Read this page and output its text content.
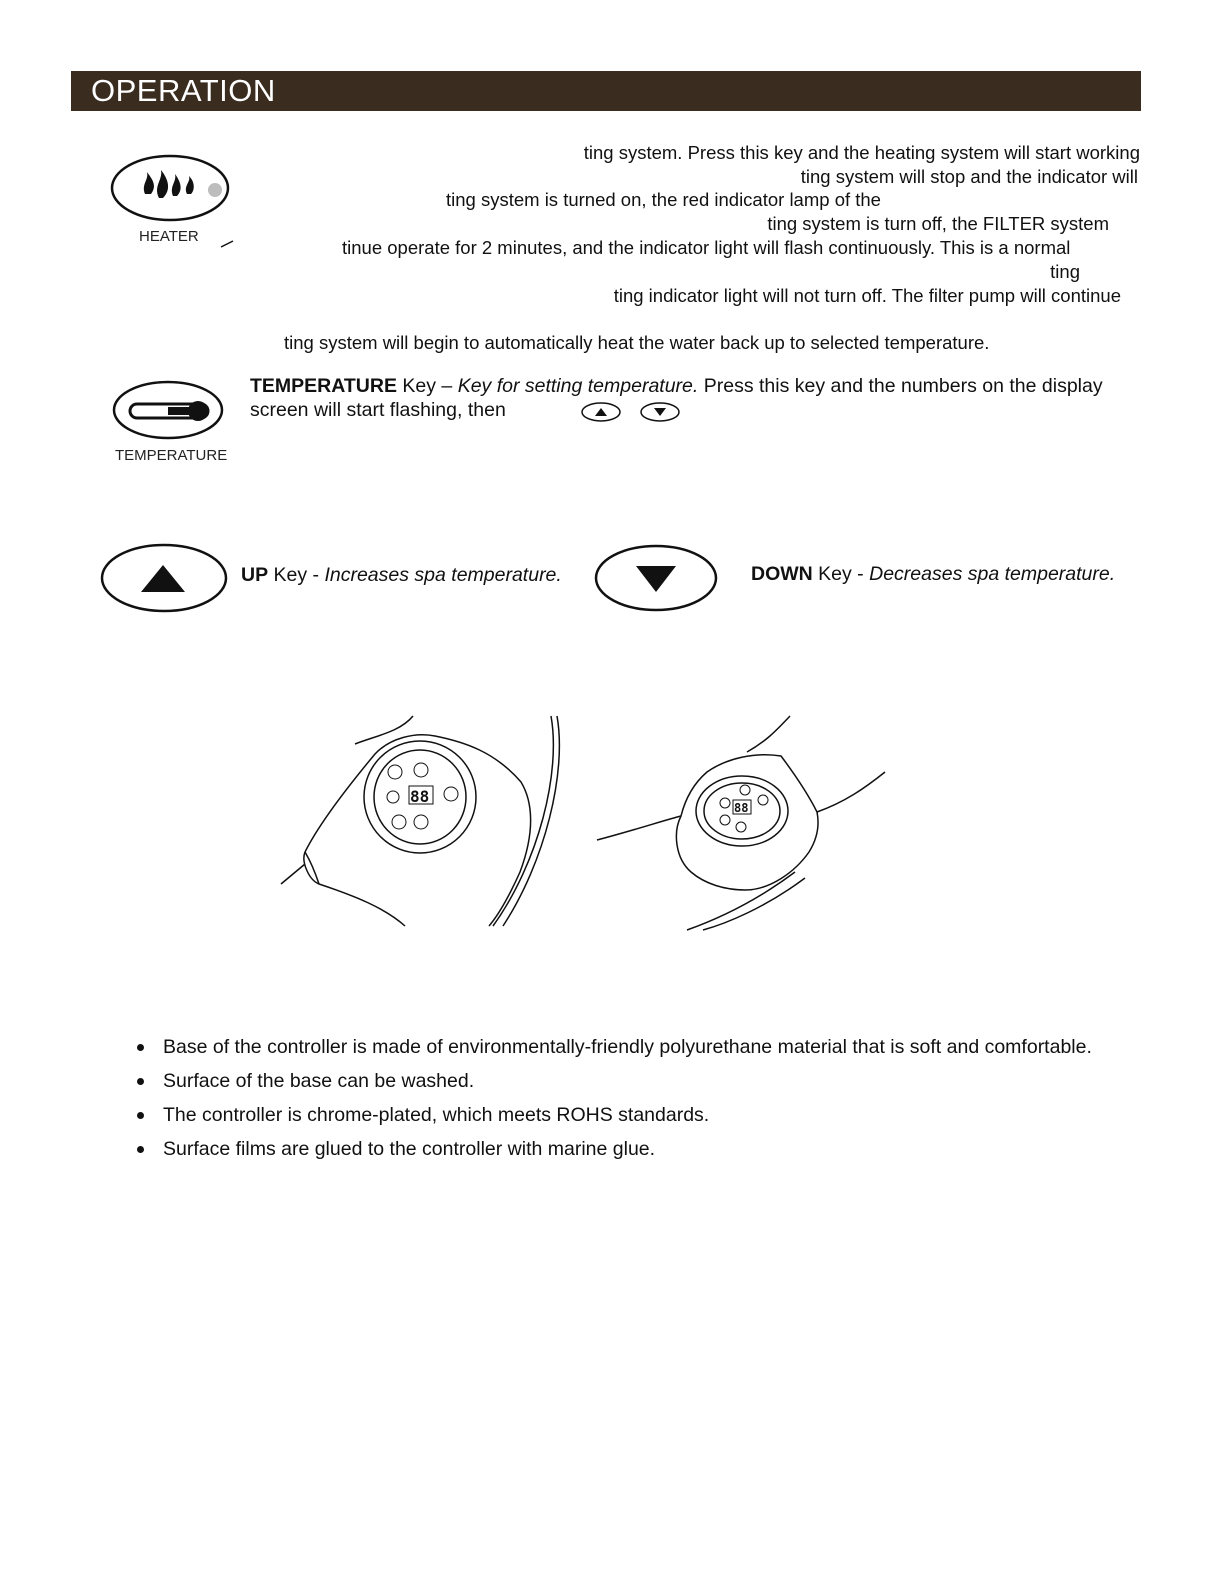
OPERATION
HEATER
ting system. Press this key and the heating system will start working
ting system will stop and the indicator will
ting system is turned on, the red indicator lamp of the
ting system is turn off, the FILTER system
tinue operate for 2 minutes, and the indicator light will flash continuously. This is a normal
ting
ting indicator light will not turn off. The filter pump will continue
ting system will begin to automatically heat the water back up to selected temperature.
TEMPERATURE
TEMPERATURE Key – Key for setting temperature. Press this key and the numbers on the display
screen will start flashing, then
UP Key - Increases spa temperature.	DOWN Key - Decreases spa temperature.
88
88
Base of the controller is made of environmentally-friendly polyurethane material that is soft and comfortable.
Surface of the base can be washed.
The controller is chrome-plated, which meets ROHS standards.
Surface films are glued to the controller with marine glue.
